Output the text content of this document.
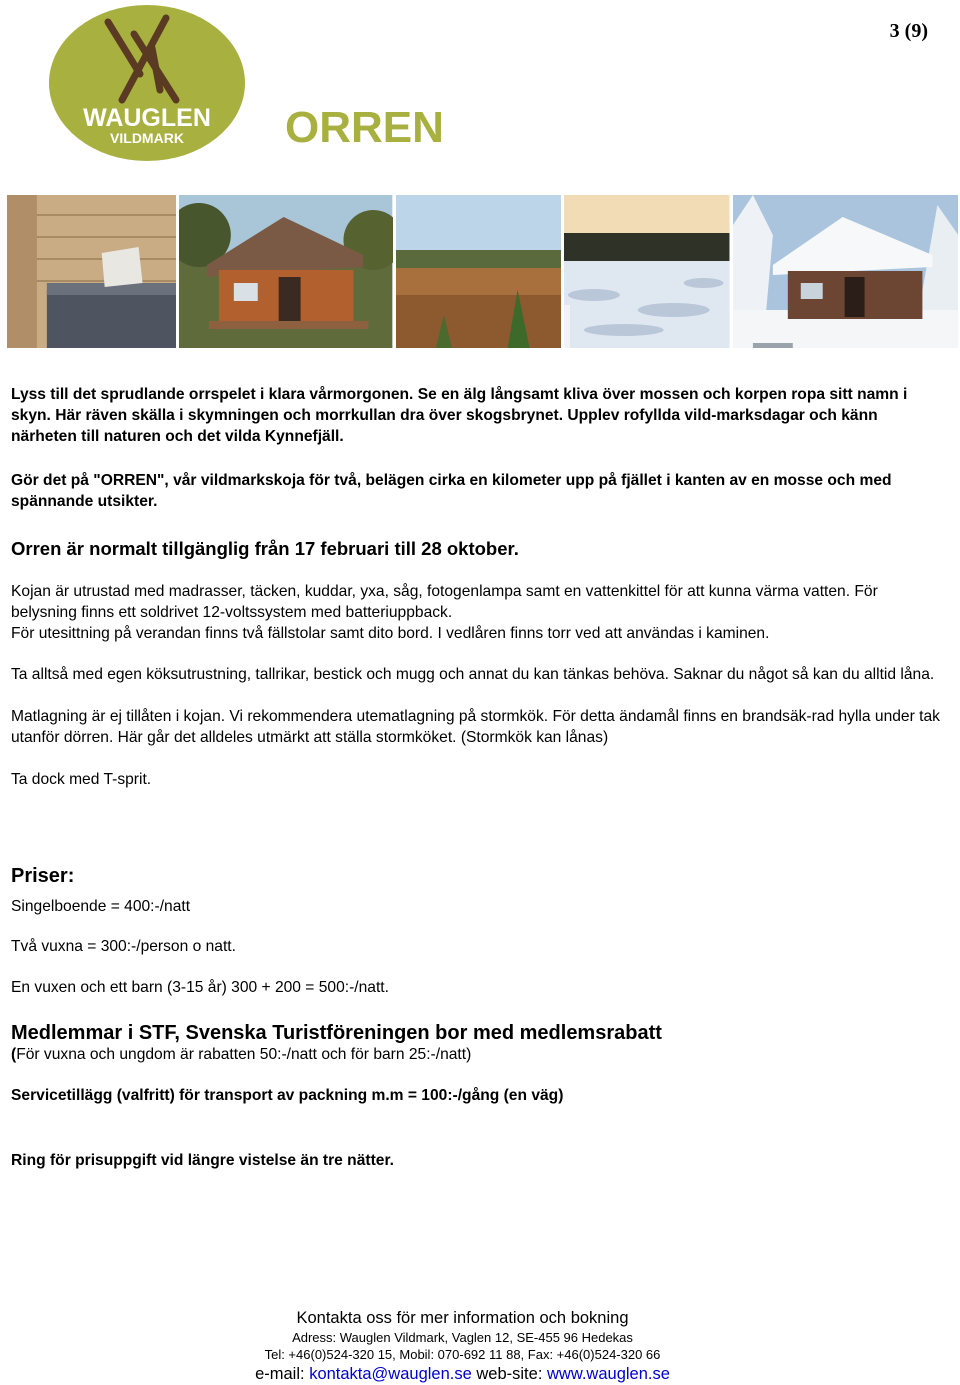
3 (9)
WAUGLEN
VILDMARK ORREN

Lyss till det sprudlande orrspelet i klara vårmorgonen. Se en älg långsamt kliva över mossen och korpen ropa sitt namn i skyn. Här räven skälla i skymningen och morrkullan dra över skogsbrynet. Upplev rofyllda vild-marksdagar och känn närheten till naturen och det vilda Kynnefjäll.

Gör det på "ORREN", vår vildmarkskoja för två, belägen cirka en kilometer upp på fjället i kanten av en mosse och med spännande utsikter.

Orren är normalt tillgänglig från 17 februari till 28 oktober.

Kojan är utrustad med madrasser, täcken, kuddar, yxa, såg, fotogenlampa samt en vattenkittel för att kunna värma vatten. För belysning finns ett soldrivet 12-voltssystem med batteriuppback.

För utesittning på verandan finns två fällstolar samt dito bord. I vedlåren finns torr ved att användas i kaminen.

Ta alltså med egen köksutrustning, tallrikar, bestick och mugg och annat du kan tänkas behöva. Saknar du något så kan du alltid låna.

Matlagning är ej tillåten i kojan. Vi rekommendera utematlagning på stormkök. För detta ändamål finns en brandsäk-rad hylla under tak utanför dörren. Här går det alldeles utmärkt att ställa stormköket. (Stormkök kan lånas)

Ta dock med T-sprit.

Priser:

Singelboende = 400:-/natt

Två vuxna = 300:-/person o natt.

En vuxen och ett barn (3-15 år) 300 + 200 = 500:-/natt.

Medlemmar i STF, Svenska Turistföreningen bor med medlemsrabatt

(För vuxna och ungdom är rabatten 50:-/natt och för barn 25:-/natt)

Servicetillägg (valfritt) för transport av packning m.m = 100:-/gång (en väg)

Ring för prisuppgift vid längre vistelse än tre nätter.

Kontakta oss för mer information och bokning
Adress: Wauglen Vildmark, Vaglen 12, SE-455 96 Hedekas
Tel: +46(0)524-320 15, Mobil: 070-692 11 88, Fax: +46(0)524-320 66
e-mail: kontakta@wauglen.se web-site: www.wauglen.se
